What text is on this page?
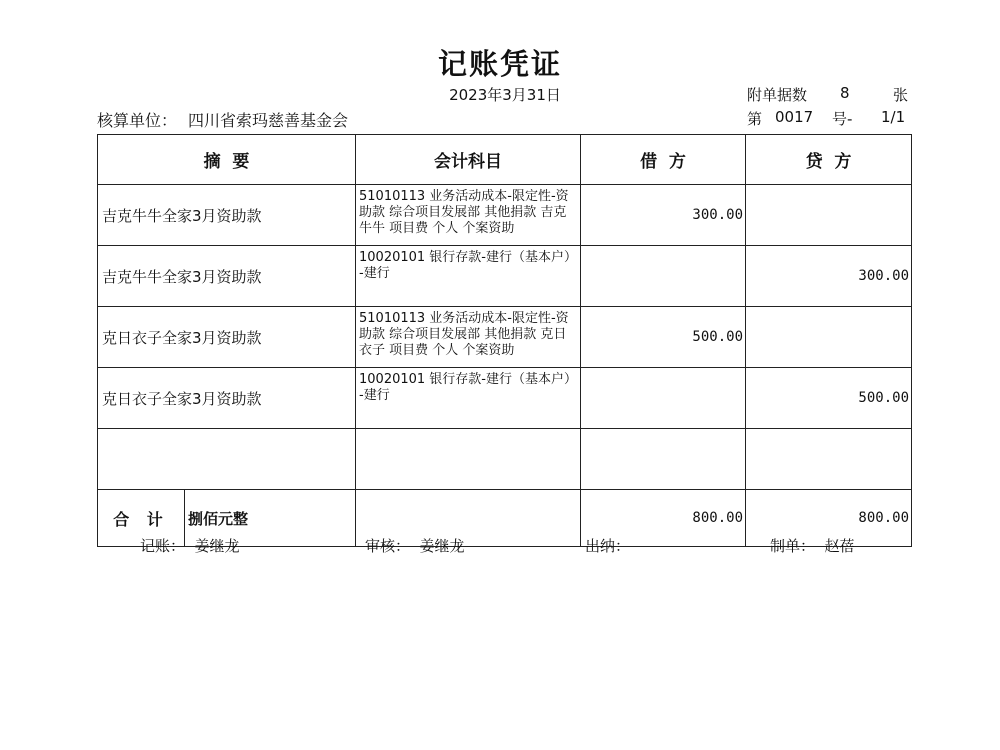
记账凭证
2023年3月31日	附单据数 8	张
核算单位： 四川省索玛慈善基金会	第 0017 号- 1/1
摘  要	会计科目	借  方	贷  方
吉克牛牛全家3月资助款	51010113 业务活动成本-限定性-资助款 综合项目发展部 其他捐款 吉克牛牛 项目费 个人 个案资助	300.00	
吉克牛牛全家3月资助款	10020101 银行存款-建行（基本户）-建行		300.00
克日衣子全家3月资助款	51010113 业务活动成本-限定性-资助款 综合项目发展部 其他捐款 克日衣子 项目费 个人 个案资助	500.00	
克日衣子全家3月资助款	10020101 银行存款-建行（基本户）-建行		500.00

合 计 捌佰元整		800.00	800.00
记账：  姜继龙	审核：  姜继龙	出纳：	制单：  赵蓓
